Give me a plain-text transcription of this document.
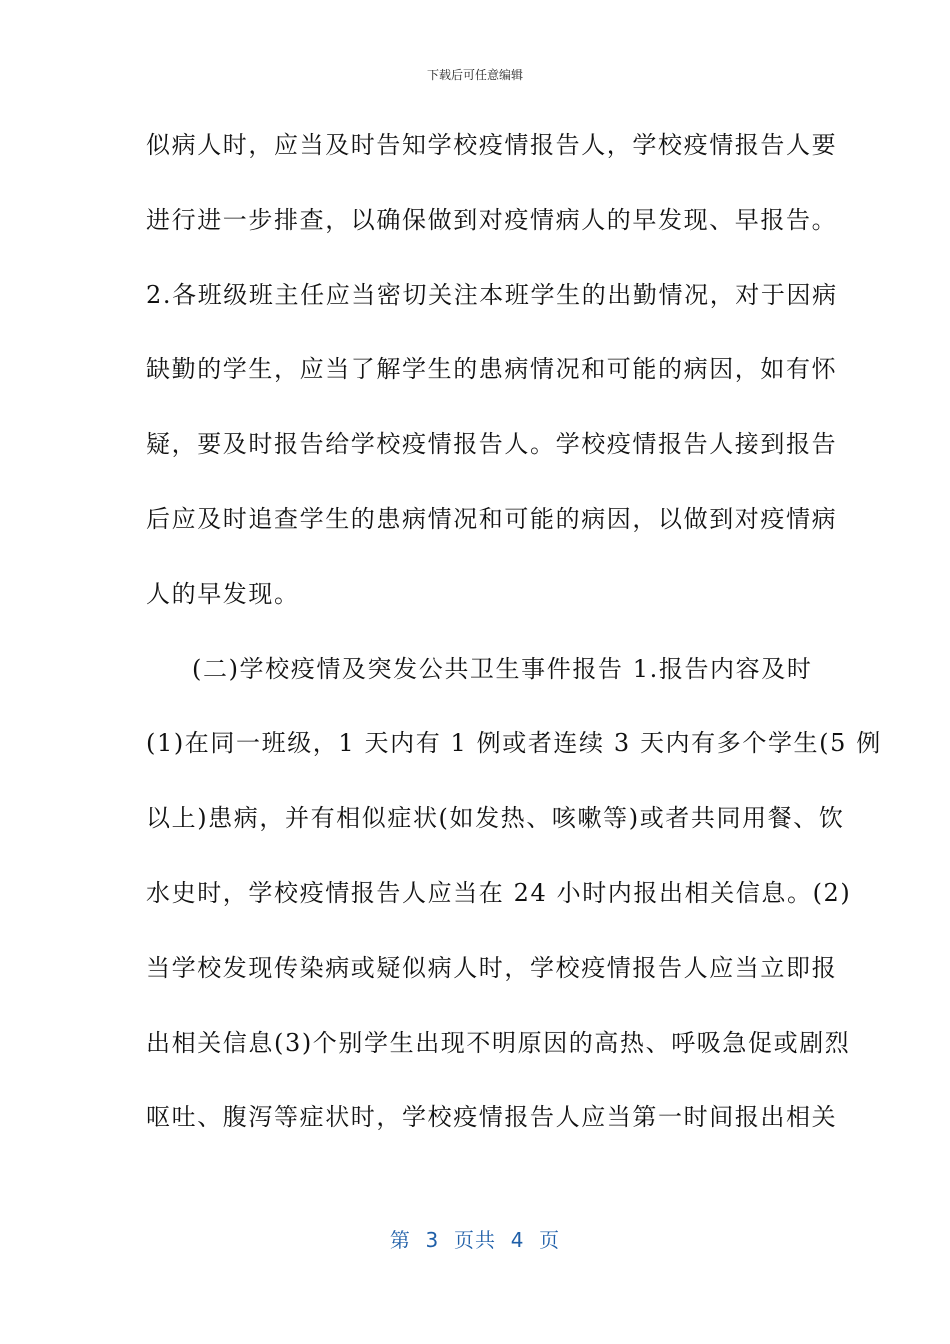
下载后可任意编辑
似病人时，应当及时告知学校疫情报告人，学校疫情报告人要
进行进一步排查，以确保做到对疫情病人的早发现、早报告。
2.各班级班主任应当密切关注本班学生的出勤情况，对于因病
缺勤的学生，应当了解学生的患病情况和可能的病因，如有怀
疑，要及时报告给学校疫情报告人。学校疫情报告人接到报告
后应及时追查学生的患病情况和可能的病因，以做到对疫情病
人的早发现。
(二)学校疫情及突发公共卫生事件报告 1.报告内容及时
(1)在同一班级，1 天内有 1 例或者连续 3 天内有多个学生(5 例
以上)患病，并有相似症状(如发热、咳嗽等)或者共同用餐、饮
水史时，学校疫情报告人应当在 24 小时内报出相关信息。(2)
当学校发现传染病或疑似病人时，学校疫情报告人应当立即报
出相关信息(3)个别学生出现不明原因的高热、呼吸急促或剧烈
呕吐、腹泻等症状时，学校疫情报告人应当第一时间报出相关
第  3  页共  4  页
